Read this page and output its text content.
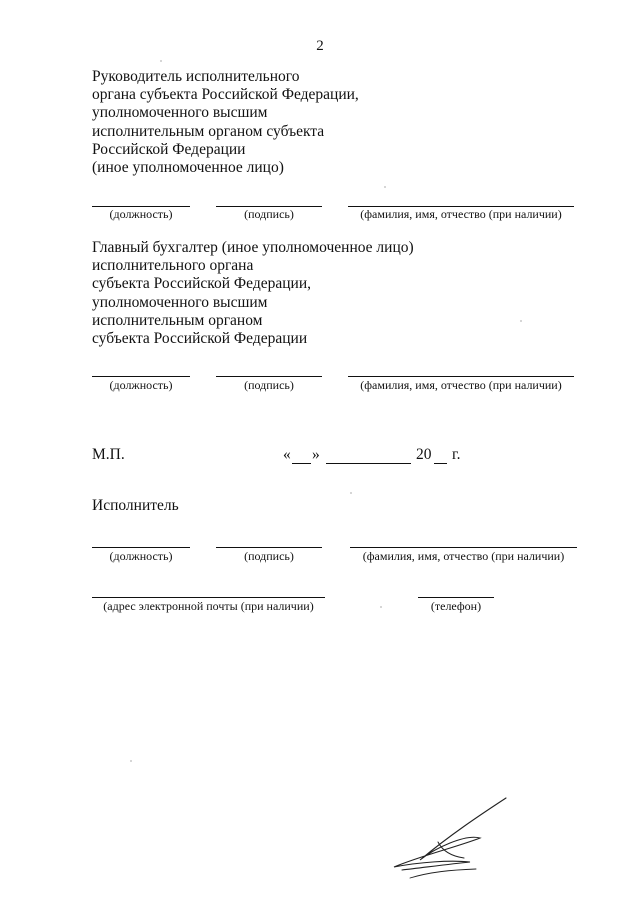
2
Руководитель исполнительного
органа субъекта Российской Федерации,
уполномоченного высшим
исполнительным органом субъекта
Российской Федерации
(иное уполномоченное лицо)
(должность)	(подпись)	(фамилия, имя, отчество (при наличии)
Главный бухгалтер (иное уполномоченное лицо)
исполнительного органа
субъекта Российской Федерации,
уполномоченного высшим
исполнительным органом
субъекта Российской Федерации
(должность)	(подпись)	(фамилия, имя, отчество (при наличии)
М.П.	« »	20 г.
Исполнитель
(должность)	(подпись)	(фамилия, имя, отчество (при наличии)
(адрес электронной почты (при наличии)	(телефон)
